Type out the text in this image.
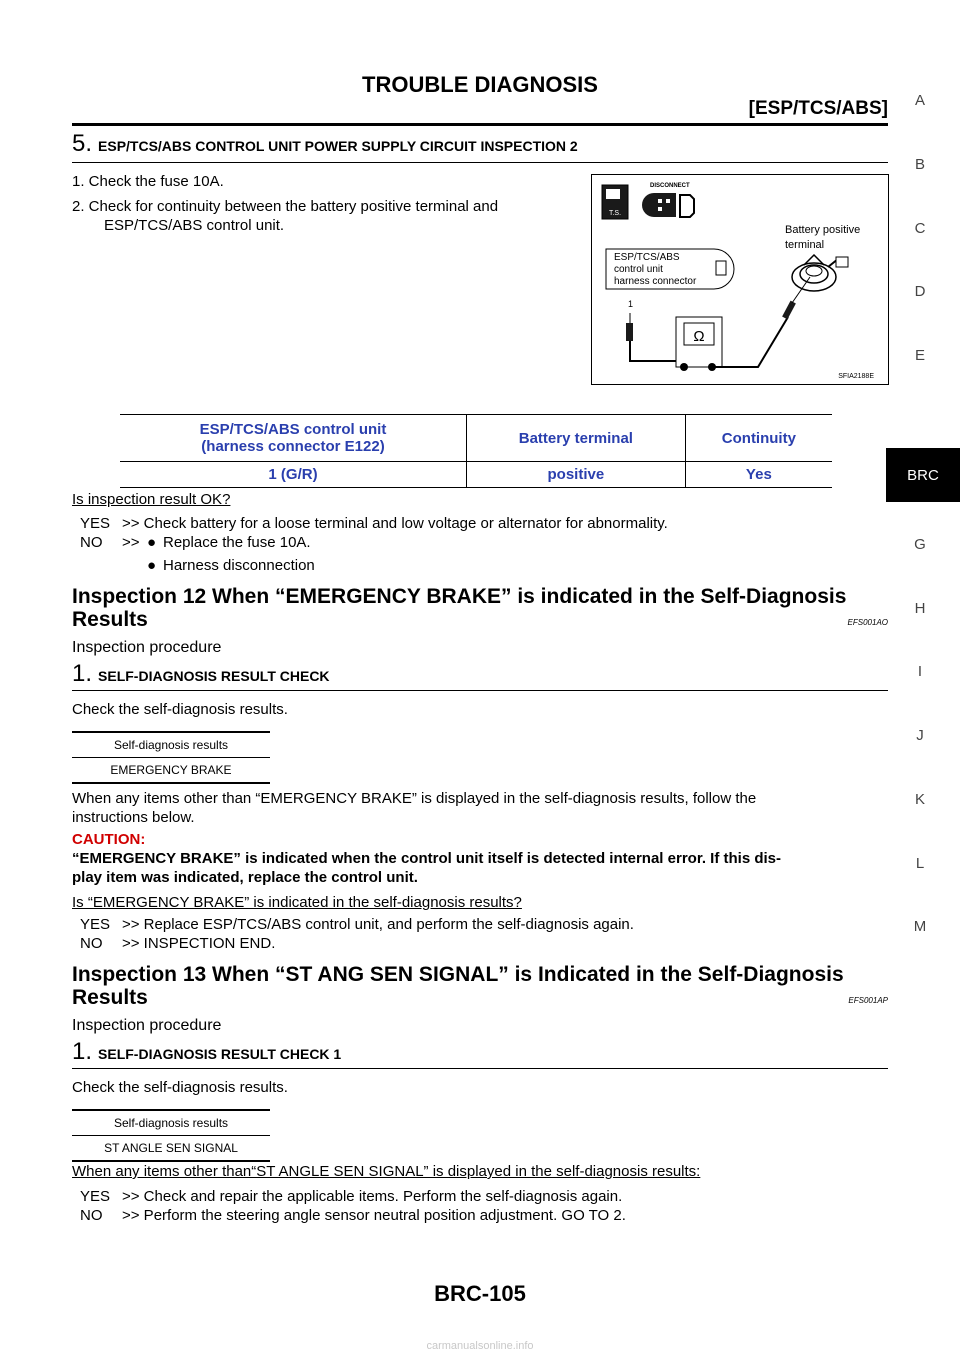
TROUBLE DIAGNOSIS
[ESP/TCS/ABS]	A
B
C
D
E
BRC
G
H
I
J
K
L
M
5. ESP/TCS/ABS CONTROL UNIT POWER SUPPLY CIRCUIT INSPECTION 2
1. Check the fuse 10A.
2. Check for continuity between the battery positive terminal and
ESP/TCS/ABS control unit.
T.S.
DISCONNECT
Battery positive
terminal
ESP/TCS/ABS
control unit
harness connector
1
Ω
SFIA2188E
ESP/TCS/ABS control unit
(harness connector E122)	Battery terminal	Continuity
1 (G/R)	positive	Yes
Is inspection result OK?
YES >> Check battery for a loose terminal and low voltage or alternator for abnormality.
NO >> ● Replace the fuse 10A.
● Harness disconnection
Inspection 12 When “EMERGENCY BRAKE” is indicated in the Self-Diagnosis
Results	EFS001AO
Inspection procedure
1. SELF-DIAGNOSIS RESULT CHECK
Check the self-diagnosis results.
Self-diagnosis results
EMERGENCY BRAKE
When any items other than “EMERGENCY BRAKE” is displayed in the self-diagnosis results, follow the
instructions below.
CAUTION:
“EMERGENCY BRAKE” is indicated when the control unit itself is detected internal error. If this dis-
play item was indicated, replace the control unit.
Is “EMERGENCY BRAKE” is indicated in the self-diagnosis results?
YES >> Replace ESP/TCS/ABS control unit, and perform the self-diagnosis again.
NO >> INSPECTION END.
Inspection 13 When “ST ANG SEN SIGNAL” is Indicated in the Self-Diagnosis
Results	EFS001AP
Inspection procedure
1. SELF-DIAGNOSIS RESULT CHECK 1
Check the self-diagnosis results.
Self-diagnosis results
ST ANGLE SEN SIGNAL
When any items other than“ST ANGLE SEN SIGNAL” is displayed in the self-diagnosis results:
YES >> Check and repair the applicable items. Perform the self-diagnosis again.
NO >> Perform the steering angle sensor neutral position adjustment. GO TO 2.
BRC-105
carmanualsonline.info
